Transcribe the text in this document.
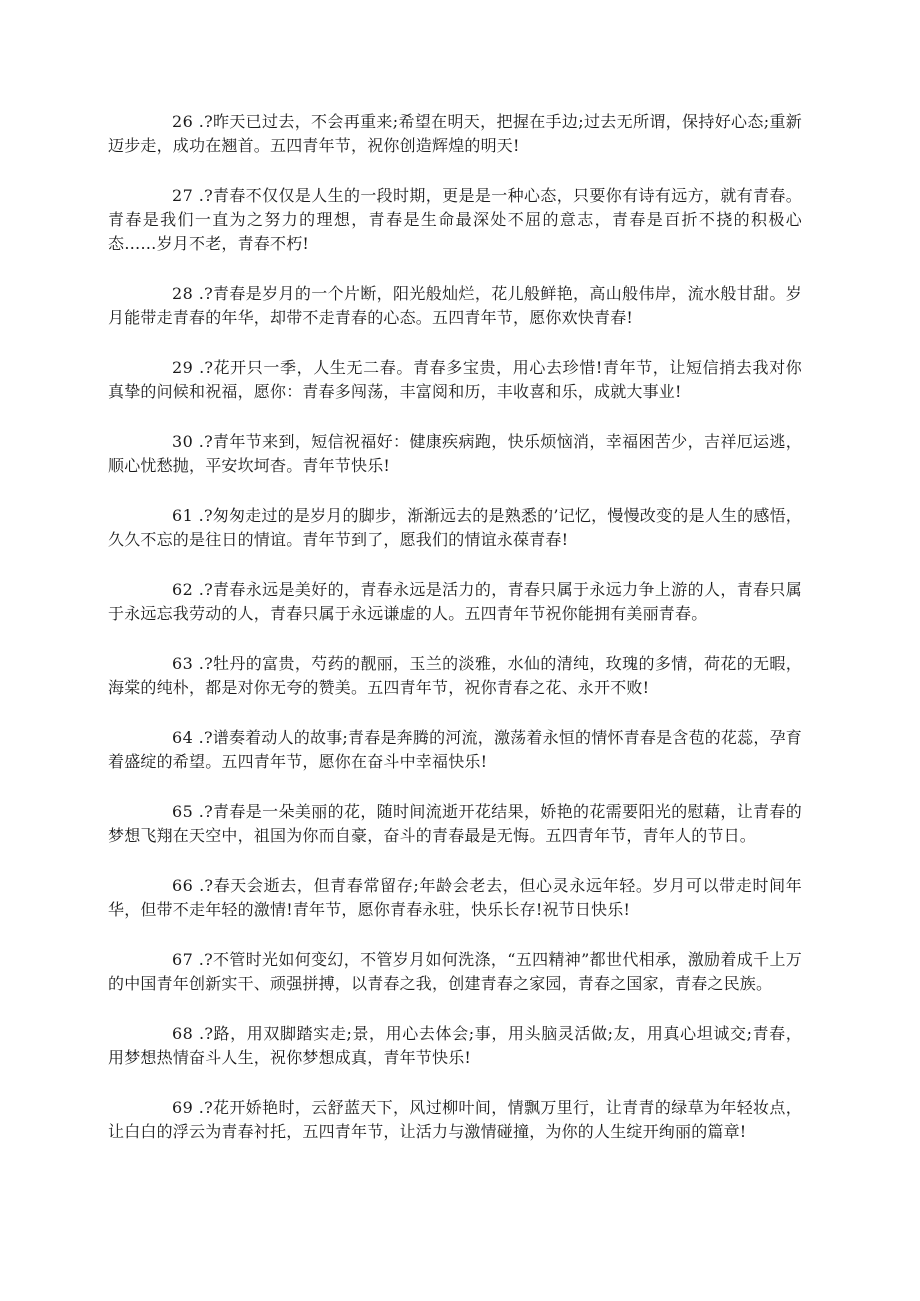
26 .?昨天已过去，不会再重来;希望在明天，把握在手边;过去无所谓，保持好心态;重新迈步走，成功在翘首。五四青年节，祝你创造辉煌的明天!

27 .?青春不仅仅是人生的一段时期，更是是一种心态，只要你有诗有远方，就有青春。青春是我们一直为之努力的理想，青春是生命最深处不屈的意志，青春是百折不挠的积极心态……岁月不老，青春不朽!

28 .?青春是岁月的一个片断，阳光般灿烂，花儿般鲜艳，高山般伟岸，流水般甘甜。岁月能带走青春的年华，却带不走青春的心态。五四青年节，愿你欢快青春!

29 .?花开只一季，人生无二春。青春多宝贵，用心去珍惜!青年节，让短信捎去我对你真挚的问候和祝福，愿你：青春多闯荡，丰富阅和历，丰收喜和乐，成就大事业!

30 .?青年节来到，短信祝福好：健康疾病跑，快乐烦恼消，幸福困苦少，吉祥厄运逃，顺心忧愁抛，平安坎坷杳。青年节快乐!

61 .?匆匆走过的是岁月的脚步，渐渐远去的是熟悉的’记忆，慢慢改变的是人生的感悟，久久不忘的是往日的情谊。青年节到了，愿我们的情谊永葆青春!

62 .?青春永远是美好的，青春永远是活力的，青春只属于永远力争上游的人，青春只属于永远忘我劳动的人，青春只属于永远谦虚的人。五四青年节祝你能拥有美丽青春。

63 .?牡丹的富贵，芍药的靓丽，玉兰的淡雅，水仙的清纯，玫瑰的多情，荷花的无暇，海棠的纯朴，都是对你无夸的赞美。五四青年节，祝你青春之花、永开不败!

64 .?谱奏着动人的故事;青春是奔腾的河流，激荡着永恒的情怀青春是含苞的花蕊，孕育着盛绽的希望。五四青年节，愿你在奋斗中幸福快乐!

65 .?青春是一朵美丽的花，随时间流逝开花结果，娇艳的花需要阳光的慰藉，让青春的梦想飞翔在天空中，祖国为你而自豪，奋斗的青春最是无悔。五四青年节，青年人的节日。

66 .?春天会逝去，但青春常留存;年龄会老去，但心灵永远年轻。岁月可以带走时间年华，但带不走年轻的激情!青年节，愿你青春永驻，快乐长存!祝节日快乐!

67 .?不管时光如何变幻，不管岁月如何洗涤，“五四精神”都世代相承，激励着成千上万的中国青年创新实干、顽强拼搏，以青春之我，创建青春之家园，青春之国家，青春之民族。

68 .?路，用双脚踏实走;景，用心去体会;事，用头脑灵活做;友，用真心坦诚交;青春，用梦想热情奋斗人生，祝你梦想成真，青年节快乐!

69 .?花开娇艳时，云舒蓝天下，风过柳叶间，情飘万里行，让青青的绿草为年轻妆点，让白白的浮云为青春衬托，五四青年节，让活力与激情碰撞，为你的人生绽开绚丽的篇章!
